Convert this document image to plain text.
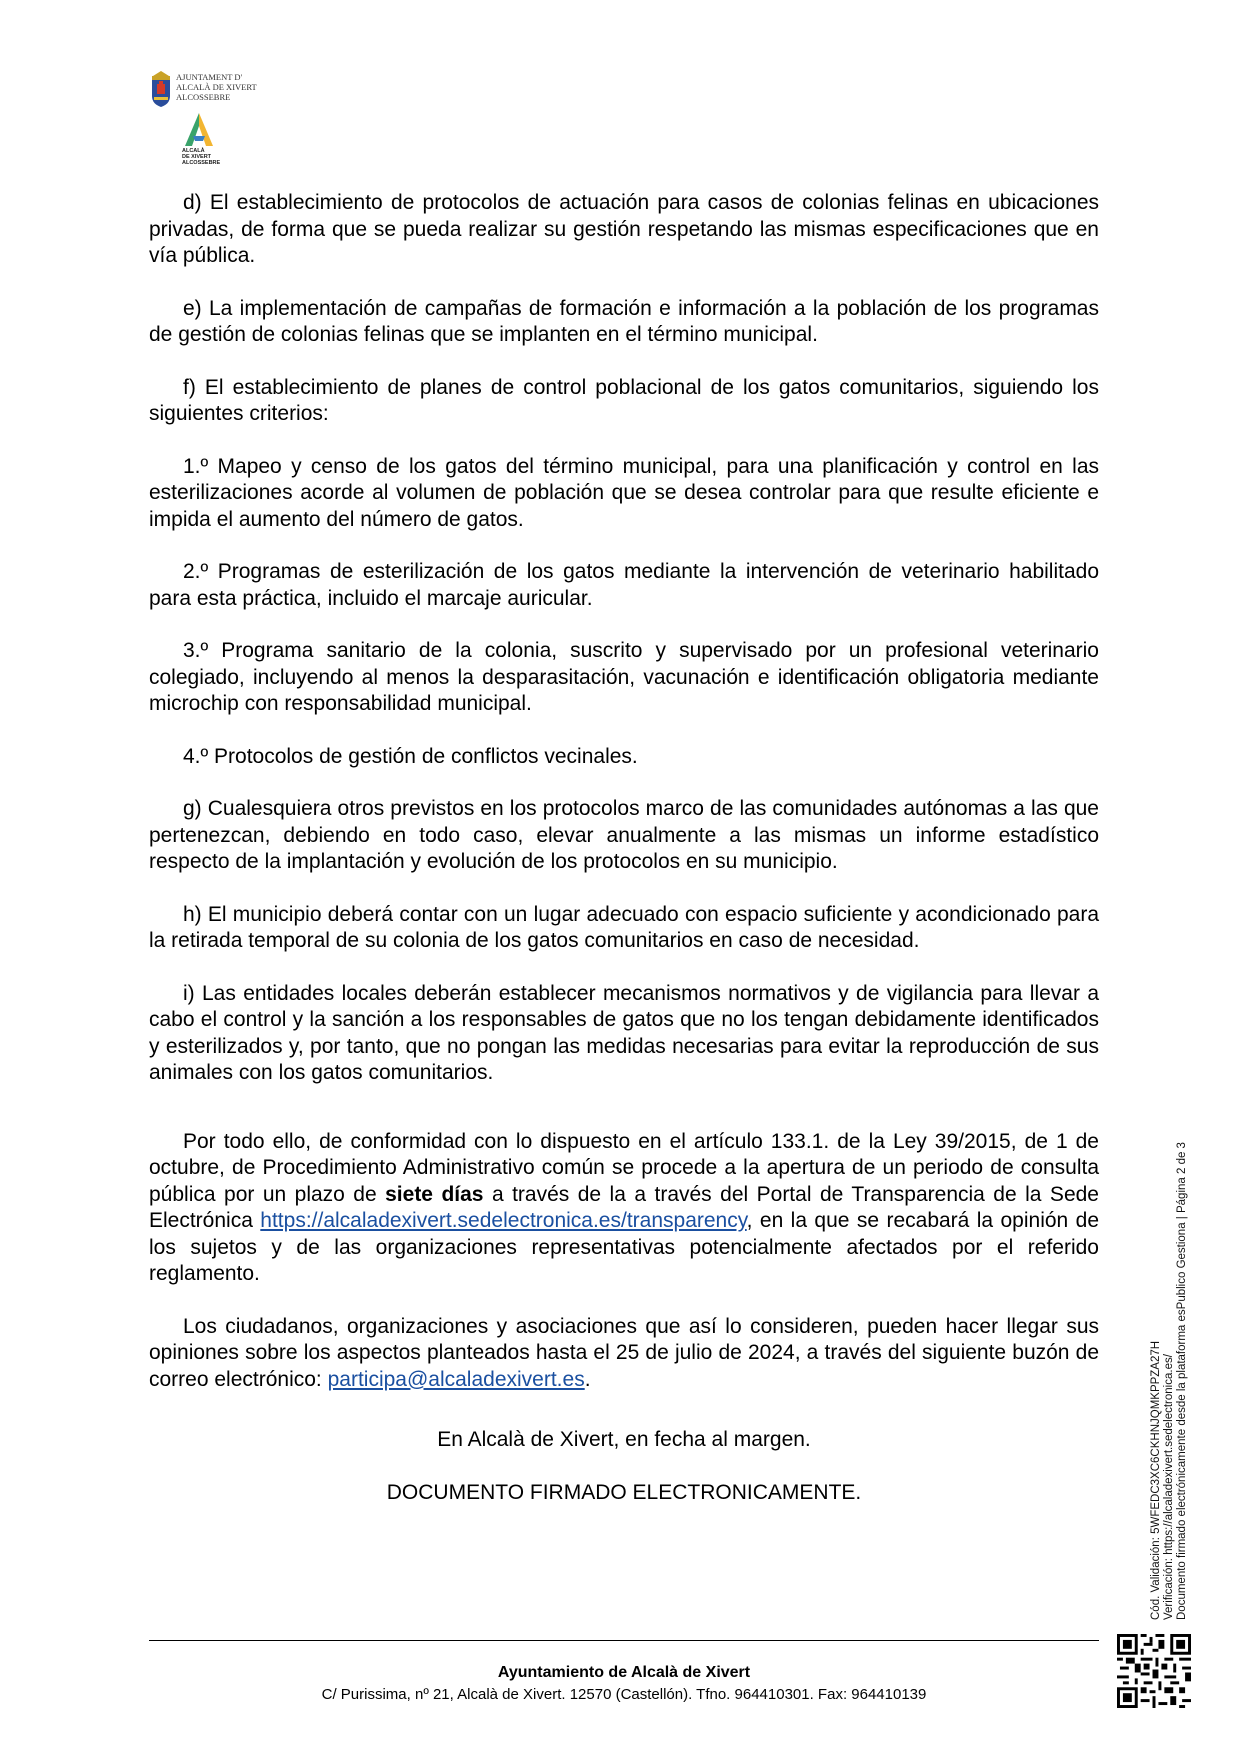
AJUNTAMENT D'
ALCALÀ DE XIVERT
ALCOSSEBRE
ALCALÀ
DE XIVERT
ALCOSSEBRE

d) El establecimiento de protocolos de actuación para casos de colonias felinas en ubicaciones privadas, de forma que se pueda realizar su gestión respetando las mismas especificaciones que en vía pública.

e) La implementación de campañas de formación e información a la población de los programas de gestión de colonias felinas que se implanten en el término municipal.

f) El establecimiento de planes de control poblacional de los gatos comunitarios, siguiendo los siguientes criterios:

1.º Mapeo y censo de los gatos del término municipal, para una planificación y control en las esterilizaciones acorde al volumen de población que se desea controlar para que resulte eficiente e impida el aumento del número de gatos.

2.º Programas de esterilización de los gatos mediante la intervención de veterinario habilitado para esta práctica, incluido el marcaje auricular.

3.º Programa sanitario de la colonia, suscrito y supervisado por un profesional veterinario colegiado, incluyendo al menos la desparasitación, vacunación e identificación obligatoria mediante microchip con responsabilidad municipal.

4.º Protocolos de gestión de conflictos vecinales.

g) Cualesquiera otros previstos en los protocolos marco de las comunidades autónomas a las que pertenezcan, debiendo en todo caso, elevar anualmente a las mismas un informe estadístico respecto de la implantación y evolución de los protocolos en su municipio.

h) El municipio deberá contar con un lugar adecuado con espacio suficiente y acondicionado para la retirada temporal de su colonia de los gatos comunitarios en caso de necesidad.

i) Las entidades locales deberán establecer mecanismos normativos y de vigilancia para llevar a cabo el control y la sanción a los responsables de gatos que no los tengan debidamente identificados y esterilizados y, por tanto, que no pongan las medidas necesarias para evitar la reproducción de sus animales con los gatos comunitarios.

Por todo ello, de conformidad con lo dispuesto en el artículo 133.1. de la Ley 39/2015, de 1 de octubre, de Procedimiento Administrativo común se procede a la apertura de un periodo de consulta pública por un plazo de siete días a través de la a través del Portal de Transparencia de la Sede Electrónica https://alcaladexivert.sedelectronica.es/transparency, en la que se recabará la opinión de los sujetos y de las organizaciones representativas potencialmente afectados por el referido reglamento.

Los ciudadanos, organizaciones y asociaciones que así lo consideren, pueden hacer llegar sus opiniones sobre los aspectos planteados hasta el 25 de julio de 2024, a través del siguiente buzón de correo electrónico: participa@alcaladexivert.es.

En Alcalà de Xivert, en fecha al margen.

DOCUMENTO FIRMADO ELECTRONICAMENTE.	Cód. Validación: 5WFEDC3XC6CKHNJQMKPPZA27H Verificación: https://alcaladexivert.sedelectronica.es/ Documento firmado electrónicamente desde la plataforma esPublico Gestiona | Página 2 de 3
Ayuntamiento de Alcalà de Xivert
C/ Purissima, nº 21, Alcalà de Xivert. 12570 (Castellón). Tfno. 964410301. Fax: 964410139
